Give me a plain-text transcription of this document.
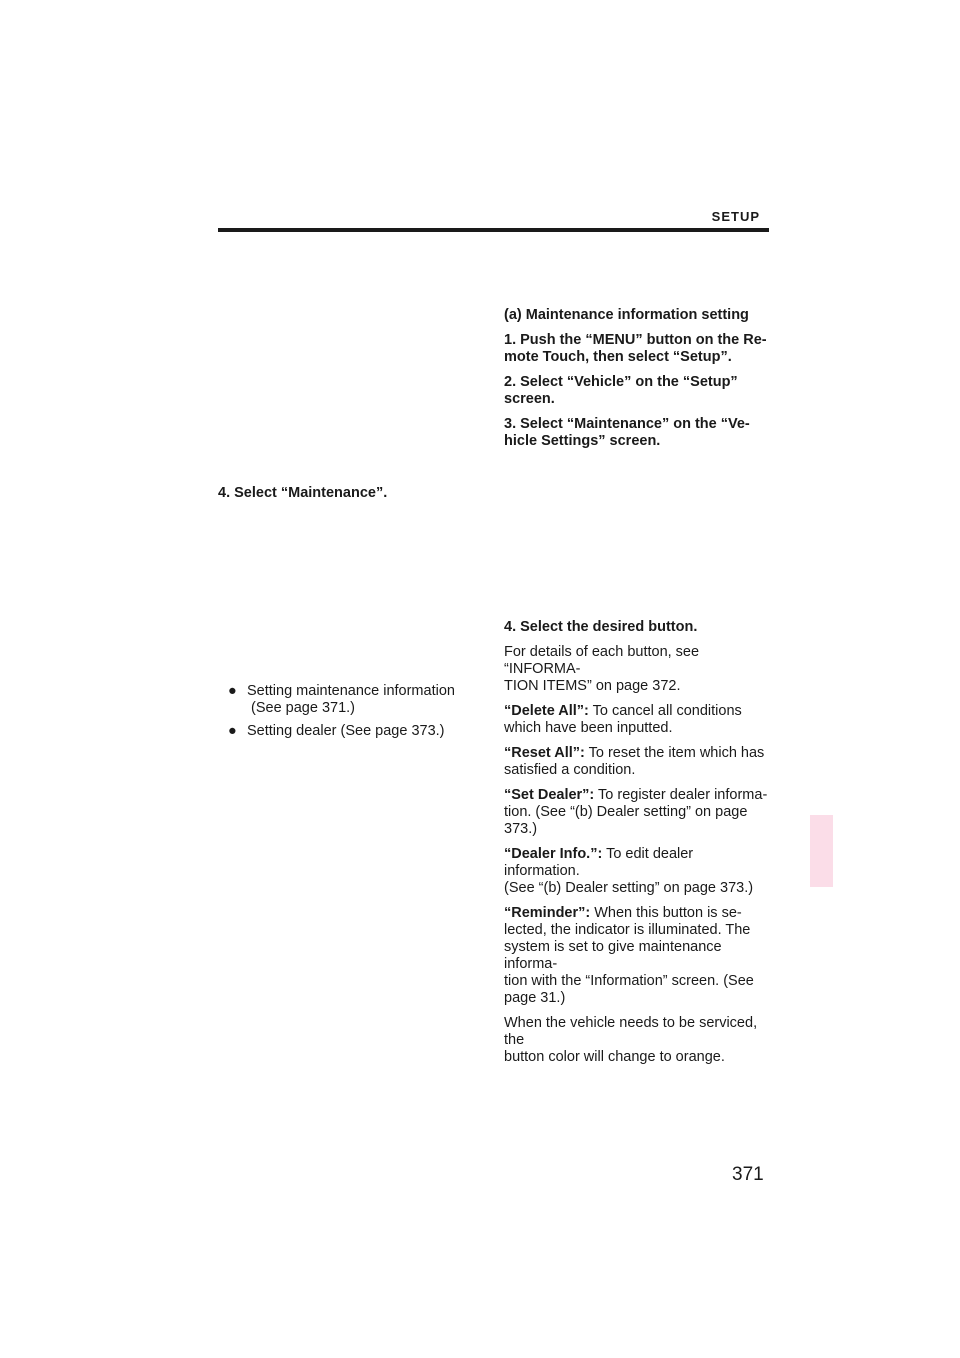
SETUP

(a) Maintenance information setting

1. Push the “MENU” button on the Re-
mote Touch, then select “Setup”.

2. Select “Vehicle” on the “Setup”
screen.

3. Select “Maintenance” on the “Ve-
hicle Settings” screen.

4. Select “Maintenance”.
● Setting maintenance information
(See page 371.)
● Setting dealer (See page 373.)

4. Select the desired button.

For details of each button, see “INFORMA-
TION ITEMS” on page 372.

“Delete All”: To cancel all conditions
which have been inputted.

“Reset All”: To reset the item which has
satisfied a condition.

“Set Dealer”: To register dealer informa-
tion. (See “(b) Dealer setting” on page
373.)

“Dealer Info.”: To edit dealer information.
(See “(b) Dealer setting” on page 373.)

“Reminder”: When this button is se-
lected, the indicator is illuminated. The
system is set to give maintenance informa-
tion with the “Information” screen. (See
page 31.)

When the vehicle needs to be serviced, the
button color will change to orange.

371
